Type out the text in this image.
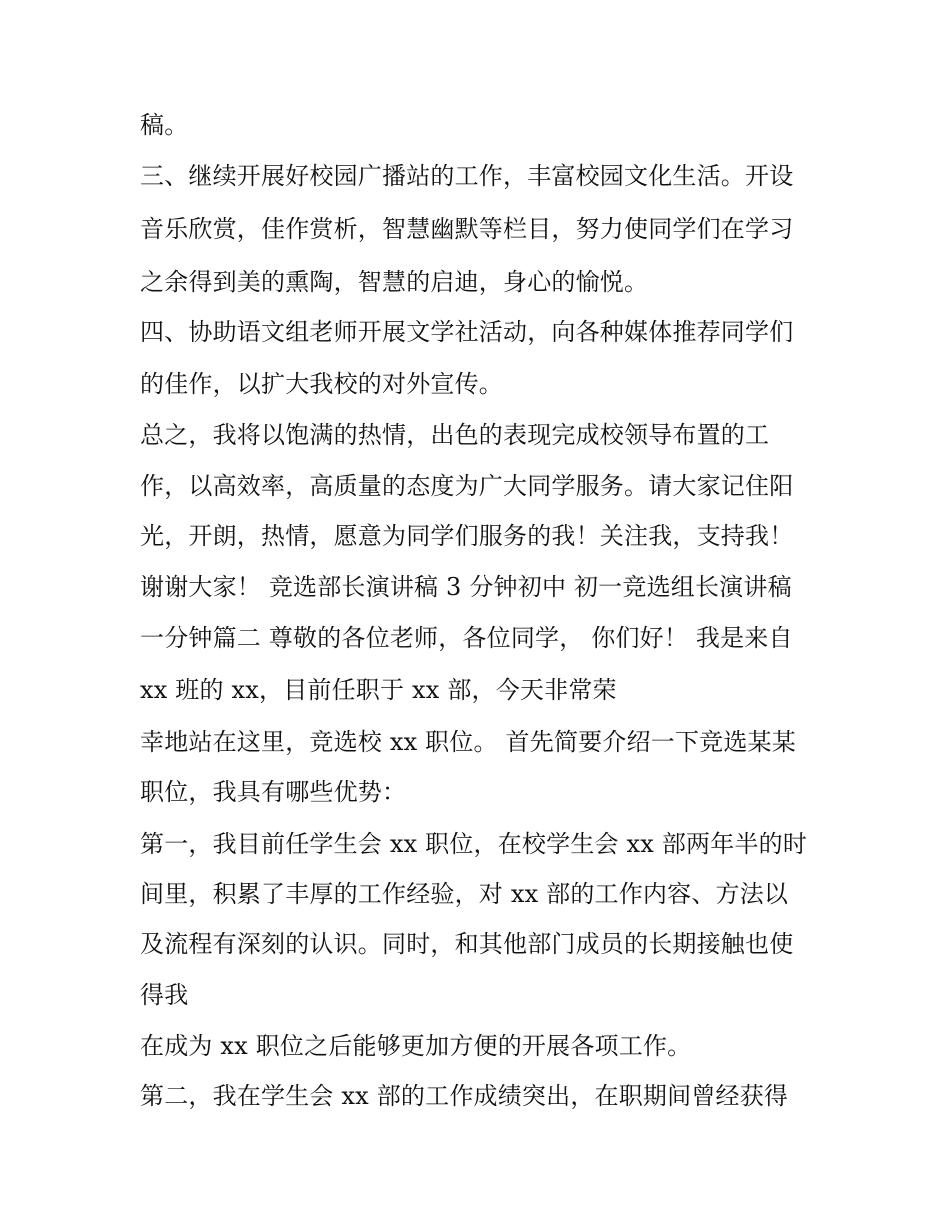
稿。
三、继续开展好校园广播站的工作，丰富校园文化生活。开设
音乐欣赏，佳作赏析，智慧幽默等栏目，努力使同学们在学习
之余得到美的熏陶，智慧的启迪，身心的愉悦。
四、协助语文组老师开展文学社活动，向各种媒体推荐同学们
的佳作，以扩大我校的对外宣传。
总之，我将以饱满的热情，出色的表现完成校领导布置的工
作，以高效率，高质量的态度为广大同学服务。请大家记住阳
光，开朗，热情，愿意为同学们服务的我！关注我，支持我！
谢谢大家！ 竞选部长演讲稿 3 分钟初中 初一竞选组长演讲稿
一分钟篇二 尊敬的各位老师，各位同学， 你们好！ 我是来自
xx 班的 xx，目前任职于 xx 部，今天非常荣
幸地站在这里，竞选校 xx 职位。 首先简要介绍一下竞选某某
职位，我具有哪些优势：
第一，我目前任学生会 xx 职位，在校学生会 xx 部两年半的时
间里，积累了丰厚的工作经验，对 xx 部的工作内容、方法以
及流程有深刻的认识。同时，和其他部门成员的长期接触也使
得我
在成为 xx 职位之后能够更加方便的开展各项工作。
第二，我在学生会 xx 部的工作成绩突出，在职期间曾经获得
